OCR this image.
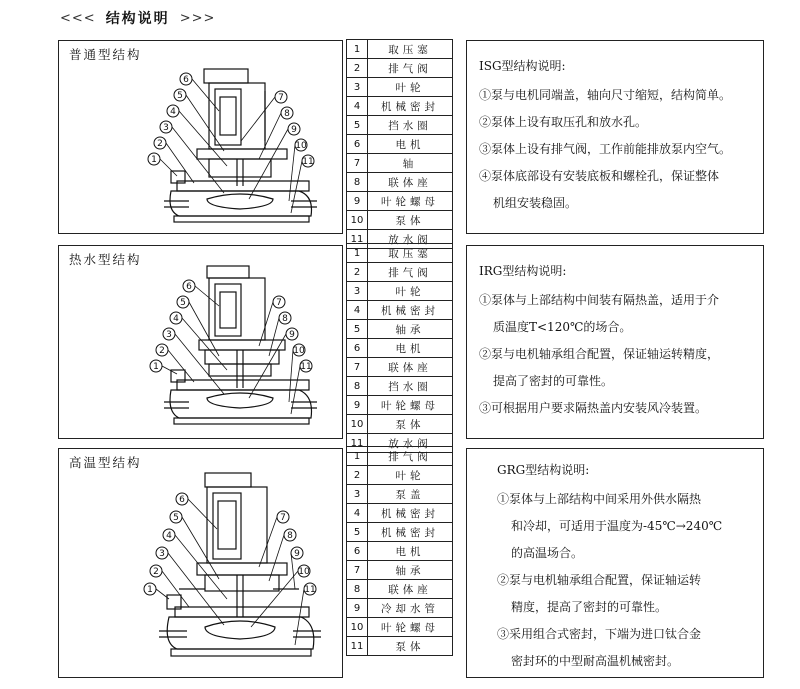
<<< 结构说明 >>>
普通型结构
6
5
4
3
2
1
7
8
9
10
11
1	取压塞
2	排气阀
3	叶轮
4	机械密封
5	挡水圈
6	电机
7	轴
8	联体座
9	叶轮螺母
10	泵体
11	放水阀
ISG型结构说明:
①泵与电机同端盖，轴向尺寸缩短，结构简单。
②泵体上设有取压孔和放水孔。
③泵体上设有排气阀，工作前能排放泵内空气。
④泵体底部设有安装底板和螺栓孔，保证整体
机组安装稳固。
热水型结构
6
5
4
3
2
1
7
8
9
10
11
1	取压塞
2	排气阀
3	叶轮
4	机械密封
5	轴承
6	电机
7	联体座
8	挡水圈
9	叶轮螺母
10	泵体
11	放水阀
IRG型结构说明:
①泵体与上部结构中间装有隔热盖，适用于介
质温度T<120℃的场合。
②泵与电机轴承组合配置，保证轴运转精度，
提高了密封的可靠性。
③可根据用户要求隔热盖内安装风冷装置。
高温型结构
6
5
4
3
2
1
7
8
9
10
11
1	排气阀
2	叶轮
3	泵盖
4	机械密封
5	机械密封
6	电机
7	轴承
8	联体座
9	冷却水管
10	叶轮螺母
11	泵体
GRG型结构说明:
①泵体与上部结构中间采用外供水隔热
和冷却，可适用于温度为-45℃→240℃
的高温场合。
②泵与电机轴承组合配置，保证轴运转
精度，提高了密封的可靠性。
③采用组合式密封，下端为进口钛合金
密封环的中型耐高温机械密封。
